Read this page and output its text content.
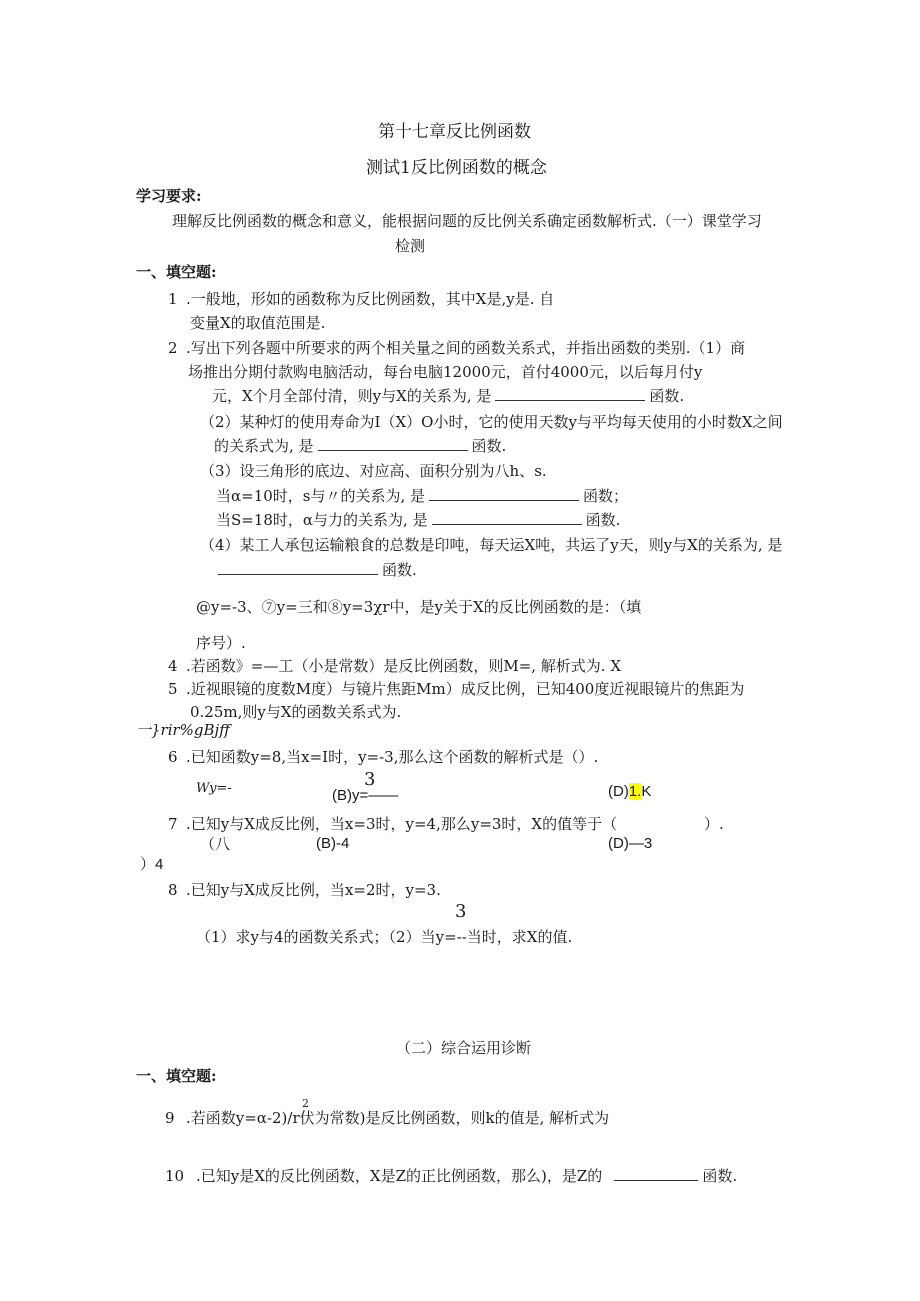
第十七章反比例函数
测试1反比例函数的概念
学习要求:
理解反比例函数的概念和意义，能根据问题的反比例关系确定函数解析式.（一）课堂学习
检测
一、填空题:
1 .一般地，形如的函数称为反比例函数，其中X是,y是. 自
变量X的取值范围是.
2 .写出下列各题中所要求的两个相关量之间的函数关系式，并指出函数的类别.（1）商
场推出分期付款购电脑活动，每台电脑12000元，首付4000元，以后每月付y
元，X个月全部付清，则y与X的关系为, 是	函数.
（2）某种灯的使用寿命为I（X）O小时，它的使用天数y与平均每天使用的小时数X之间
的关系式为, 是	函数.
（3）设三角形的底边、对应高、面积分别为八h、s.
当α=10时，s与〃的关系为, 是	函数；
当S=18时，α与力的关系为, 是	函数.
（4）某工人承包运输粮食的总数是印吨，每天运X吨，共运了y天，则y与X的关系为, 是
函数.
@y=-3、⑦y=三和⑧y=3χr中，是y关于X的反比例函数的是：（填
序号）.
4 .若函数》=—工（小是常数）是反比例函数，则M=, 解析式为. X
5 .近视眼镜的度数M度）与镜片焦距Mm）成反比例，已知400度近视眼镜片的焦距为
0.25m,则y与X的函数关系式为.
一}rir%gBjff
6 .已知函数y=8,当x=I时，y=-3,那么这个函数的解析式是（）.
3
Wy=-	(B)y=——	(D)1.K
7 .已知y与X成反比例，当x=3时，y=4,那么y=3时，X的值等于（	）.
（八	(B)-4	(D)—3
）4
8 .已知y与X成反比例，当x=2时，y=3.
3
（1）求y与4的函数关系式；（2）当y=--当时，求X的值.
（二）综合运用诊断
一、填空题:
2
9 .若函数y=α-2)/r伏为常数)是反比例函数，则k的值是, 解析式为
10 .已知y是X的反比例函数，X是Z的正比例函数，那么)，是Z的	函数.
